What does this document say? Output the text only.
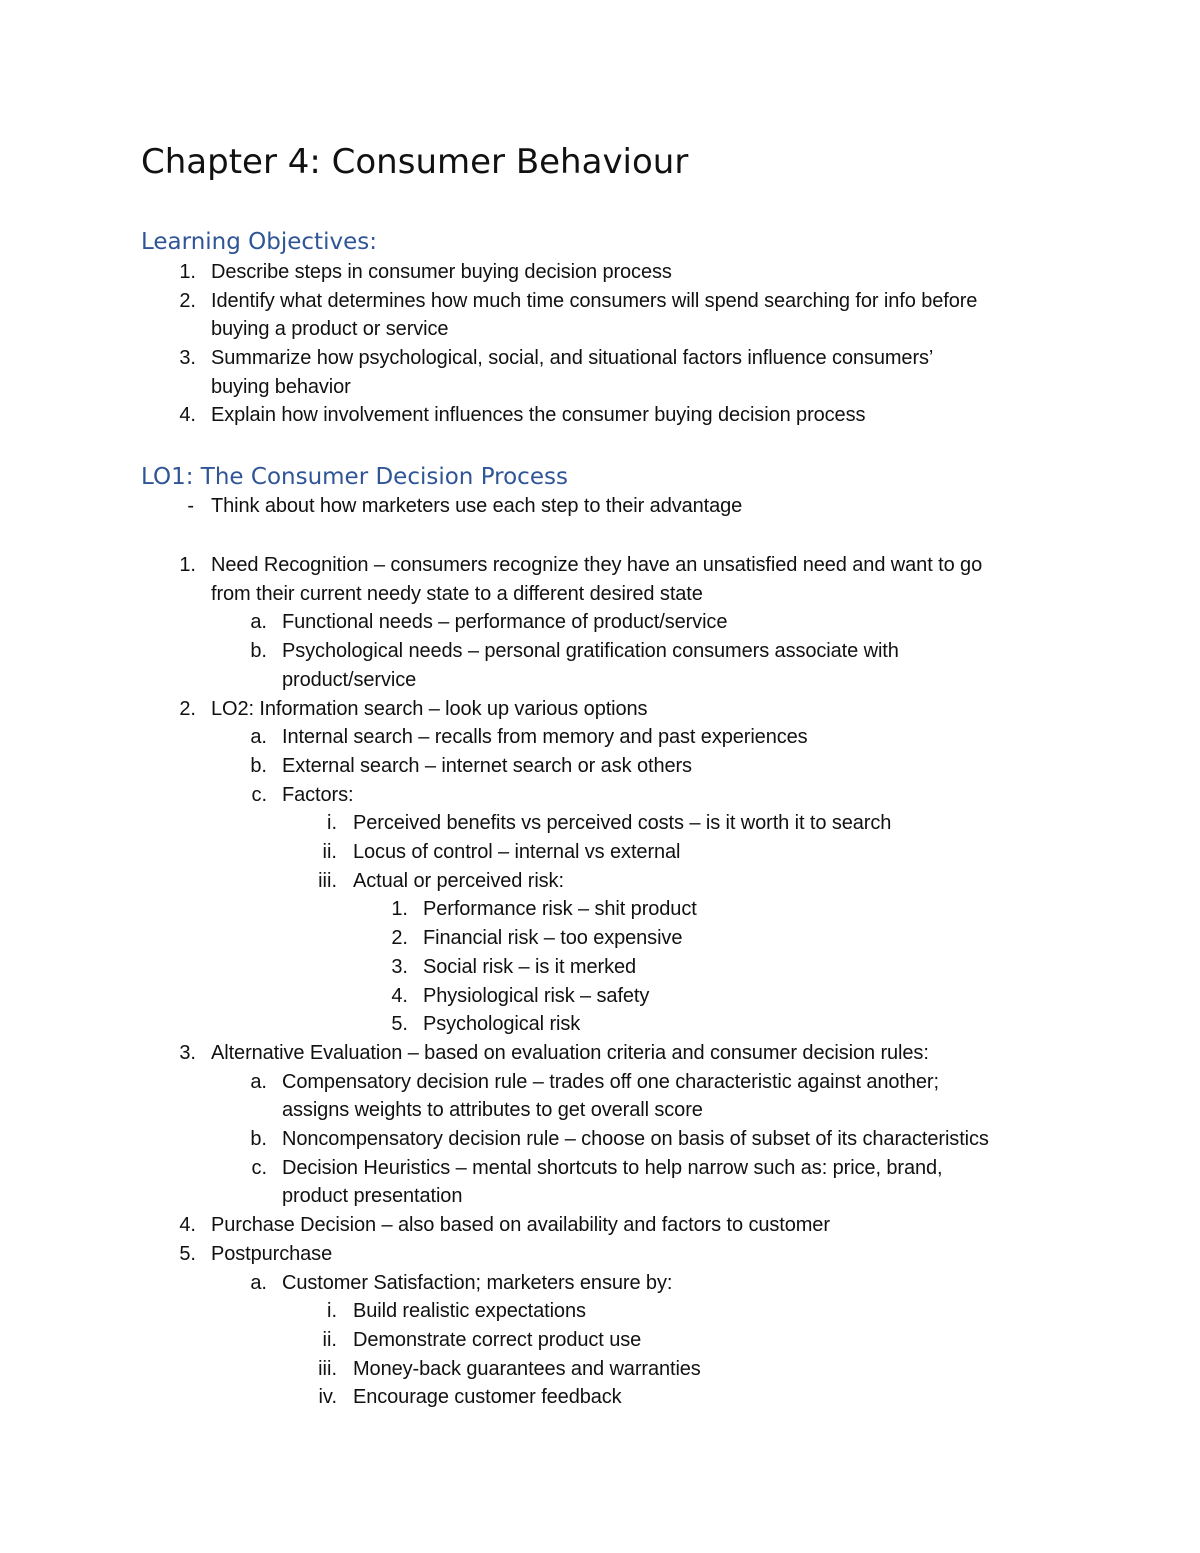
Chapter 4: Consumer Behaviour
Learning Objectives:
LO1: The Consumer Decision Process
- Think about how marketers use each step to their advantage
1. Describe steps in consumer buying decision process
2. Identify what determines how much time consumers will spend searching for info before
buying a product or service
3. Summarize how psychological, social, and situational factors influence consumers’
buying behavior
4. Explain how involvement influences the consumer buying decision process
1. Need Recognition – consumers recognize they have an unsatisfied need and want to go
from their current needy state to a different desired state
a. Functional needs – performance of product/service
b. Psychological needs – personal gratification consumers associate with
product/service
2. LO2: Information search – look up various options
a. Internal search – recalls from memory and past experiences
b. External search – internet search or ask others
c. Factors:
i. Perceived benefits vs perceived costs – is it worth it to search
ii. Locus of control – internal vs external
iii. Actual or perceived risk:
1. Performance risk – shit product
2. Financial risk – too expensive
3. Social risk – is it merked
4. Physiological risk – safety
5. Psychological risk
3. Alternative Evaluation – based on evaluation criteria and consumer decision rules:
a. Compensatory decision rule – trades off one characteristic against another;
assigns weights to attributes to get overall score
b. Noncompensatory decision rule – choose on basis of subset of its characteristics
c. Decision Heuristics – mental shortcuts to help narrow such as: price, brand,
product presentation
4. Purchase Decision – also based on availability and factors to customer
5. Postpurchase
a. Customer Satisfaction; marketers ensure by:
i. Build realistic expectations
ii. Demonstrate correct product use
iii. Money-back guarantees and warranties
iv. Encourage customer feedback
